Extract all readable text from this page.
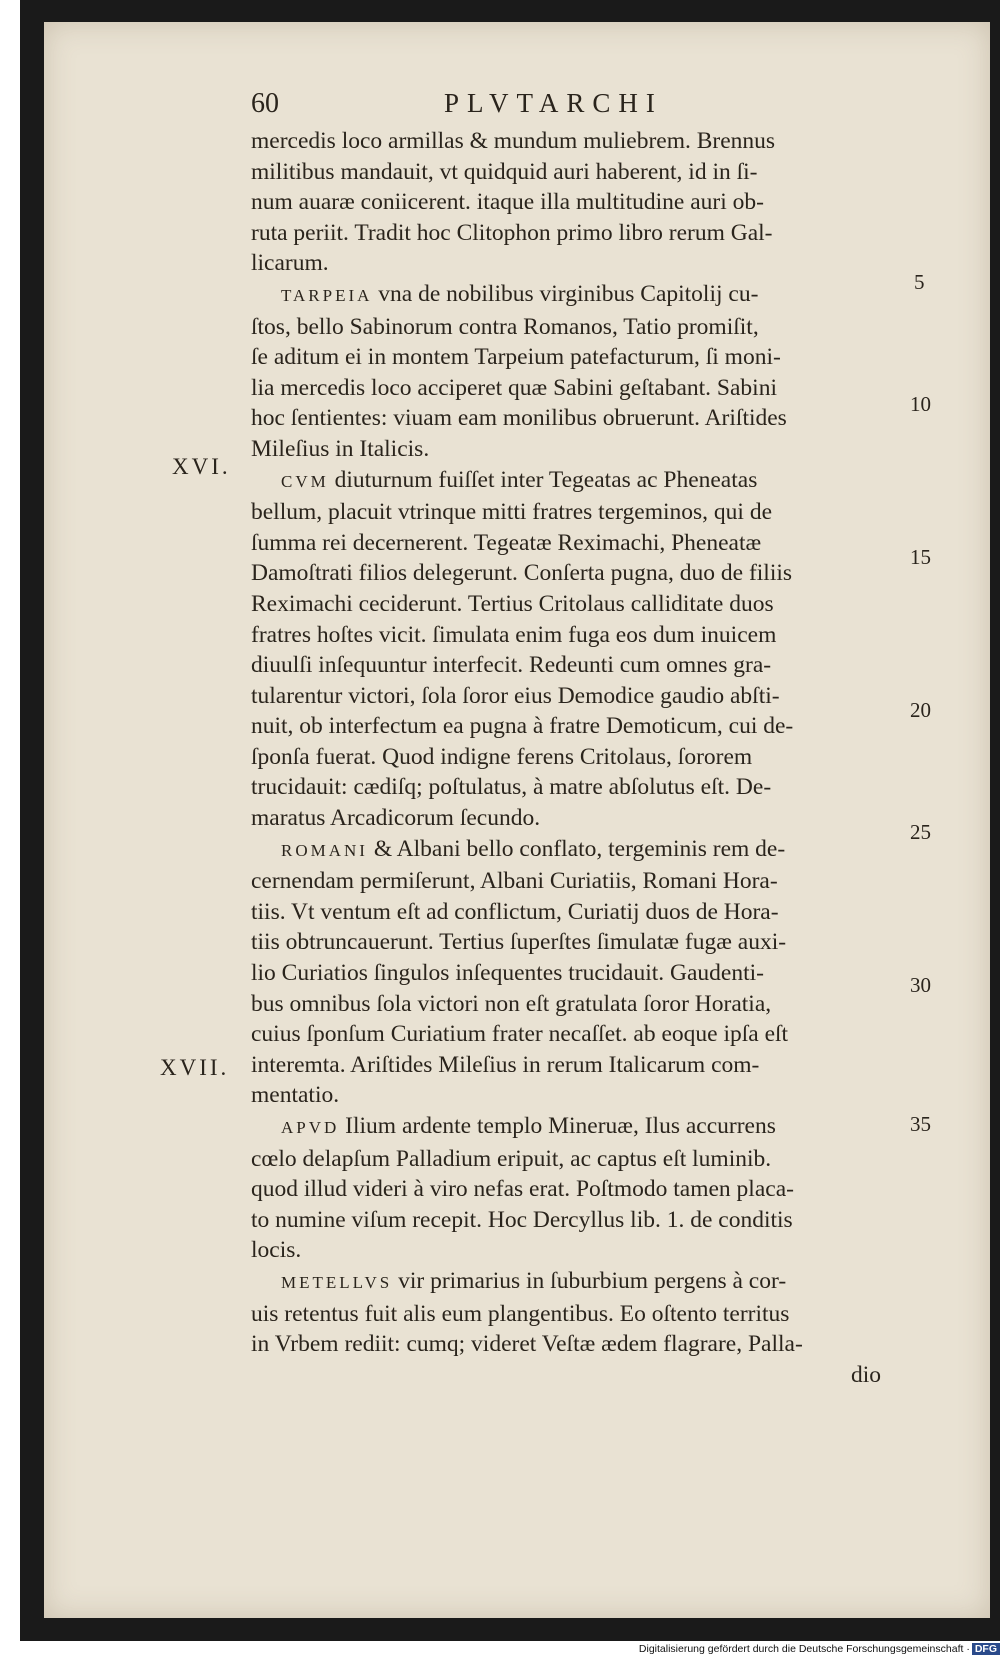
60	PLVTARCHI
mercedis loco armillas & mundum muliebrem. Brennus
militibus mandauit, vt quidquid auri haberent, id in ſi-
num auaræ coniicerent. itaque illa multitudine auri ob-
ruta periit. Tradit hoc Clitophon primo libro rerum Gal-
licarum.
TARPEIA vna de nobilibus virginibus Capitolij cu-
ſtos, bello Sabinorum contra Romanos, Tatio promiſit,
ſe aditum ei in montem Tarpeium patefacturum, ſi moni-
lia mercedis loco acciperet quæ Sabini geſtabant. Sabini
hoc ſentientes: viuam eam monilibus obruerunt. Ariſtides
Mileſius in Italicis.
CVM diuturnum fuiſſet inter Tegeatas ac Pheneatas
bellum, placuit vtrinque mitti fratres tergeminos, qui de
ſumma rei decernerent. Tegeatæ Reximachi, Pheneatæ
Damoſtrati filios delegerunt. Conſerta pugna, duo de filiis
Reximachi ceciderunt. Tertius Critolaus calliditate duos
fratres hoſtes vicit. ſimulata enim fuga eos dum inuicem
diuulſi inſequuntur interfecit. Redeunti cum omnes gra-
tularentur victori, ſola ſoror eius Demodice gaudio abſti-
nuit, ob interfectum ea pugna à fratre Demoticum, cui de-
ſponſa fuerat. Quod indigne ferens Critolaus, ſororem
trucidauit: cædiſq; poſtulatus, à matre abſolutus eſt. De-
maratus Arcadicorum ſecundo.
ROMANI & Albani bello conflato, tergeminis rem de-
cernendam permiſerunt, Albani Curiatiis, Romani Hora-
tiis. Vt ventum eſt ad conflictum, Curiatij duos de Hora-
tiis obtruncauerunt. Tertius ſuperſtes ſimulatæ fugæ auxi-
lio Curiatios ſingulos inſequentes trucidauit. Gaudenti-
bus omnibus ſola victori non eſt gratulata ſoror Horatia,
cuius ſponſum Curiatium frater necaſſet. ab eoque ipſa eſt
interemta. Ariſtides Mileſius in rerum Italicarum com-
mentatio.
APVD Ilium ardente templo Mineruæ, Ilus accurrens
cœlo delapſum Palladium eripuit, ac captus eſt luminib.
quod illud videri à viro nefas erat. Poſtmodo tamen placa-
to numine viſum recepit. Hoc Dercyllus lib. 1. de conditis
locis.
METELLVS vir primarius in ſuburbium pergens à cor-
uis retentus fuit alis eum plangentibus. Eo oſtento territus
in Vrbem rediit: cumq; videret Veſtæ ædem flagrare, Palla-
dio
XVI.
XVII.
5
10
15
20
25
30
35
Digitalisierung gefördert durch die Deutsche Forschungsgemeinschaft · DFG
